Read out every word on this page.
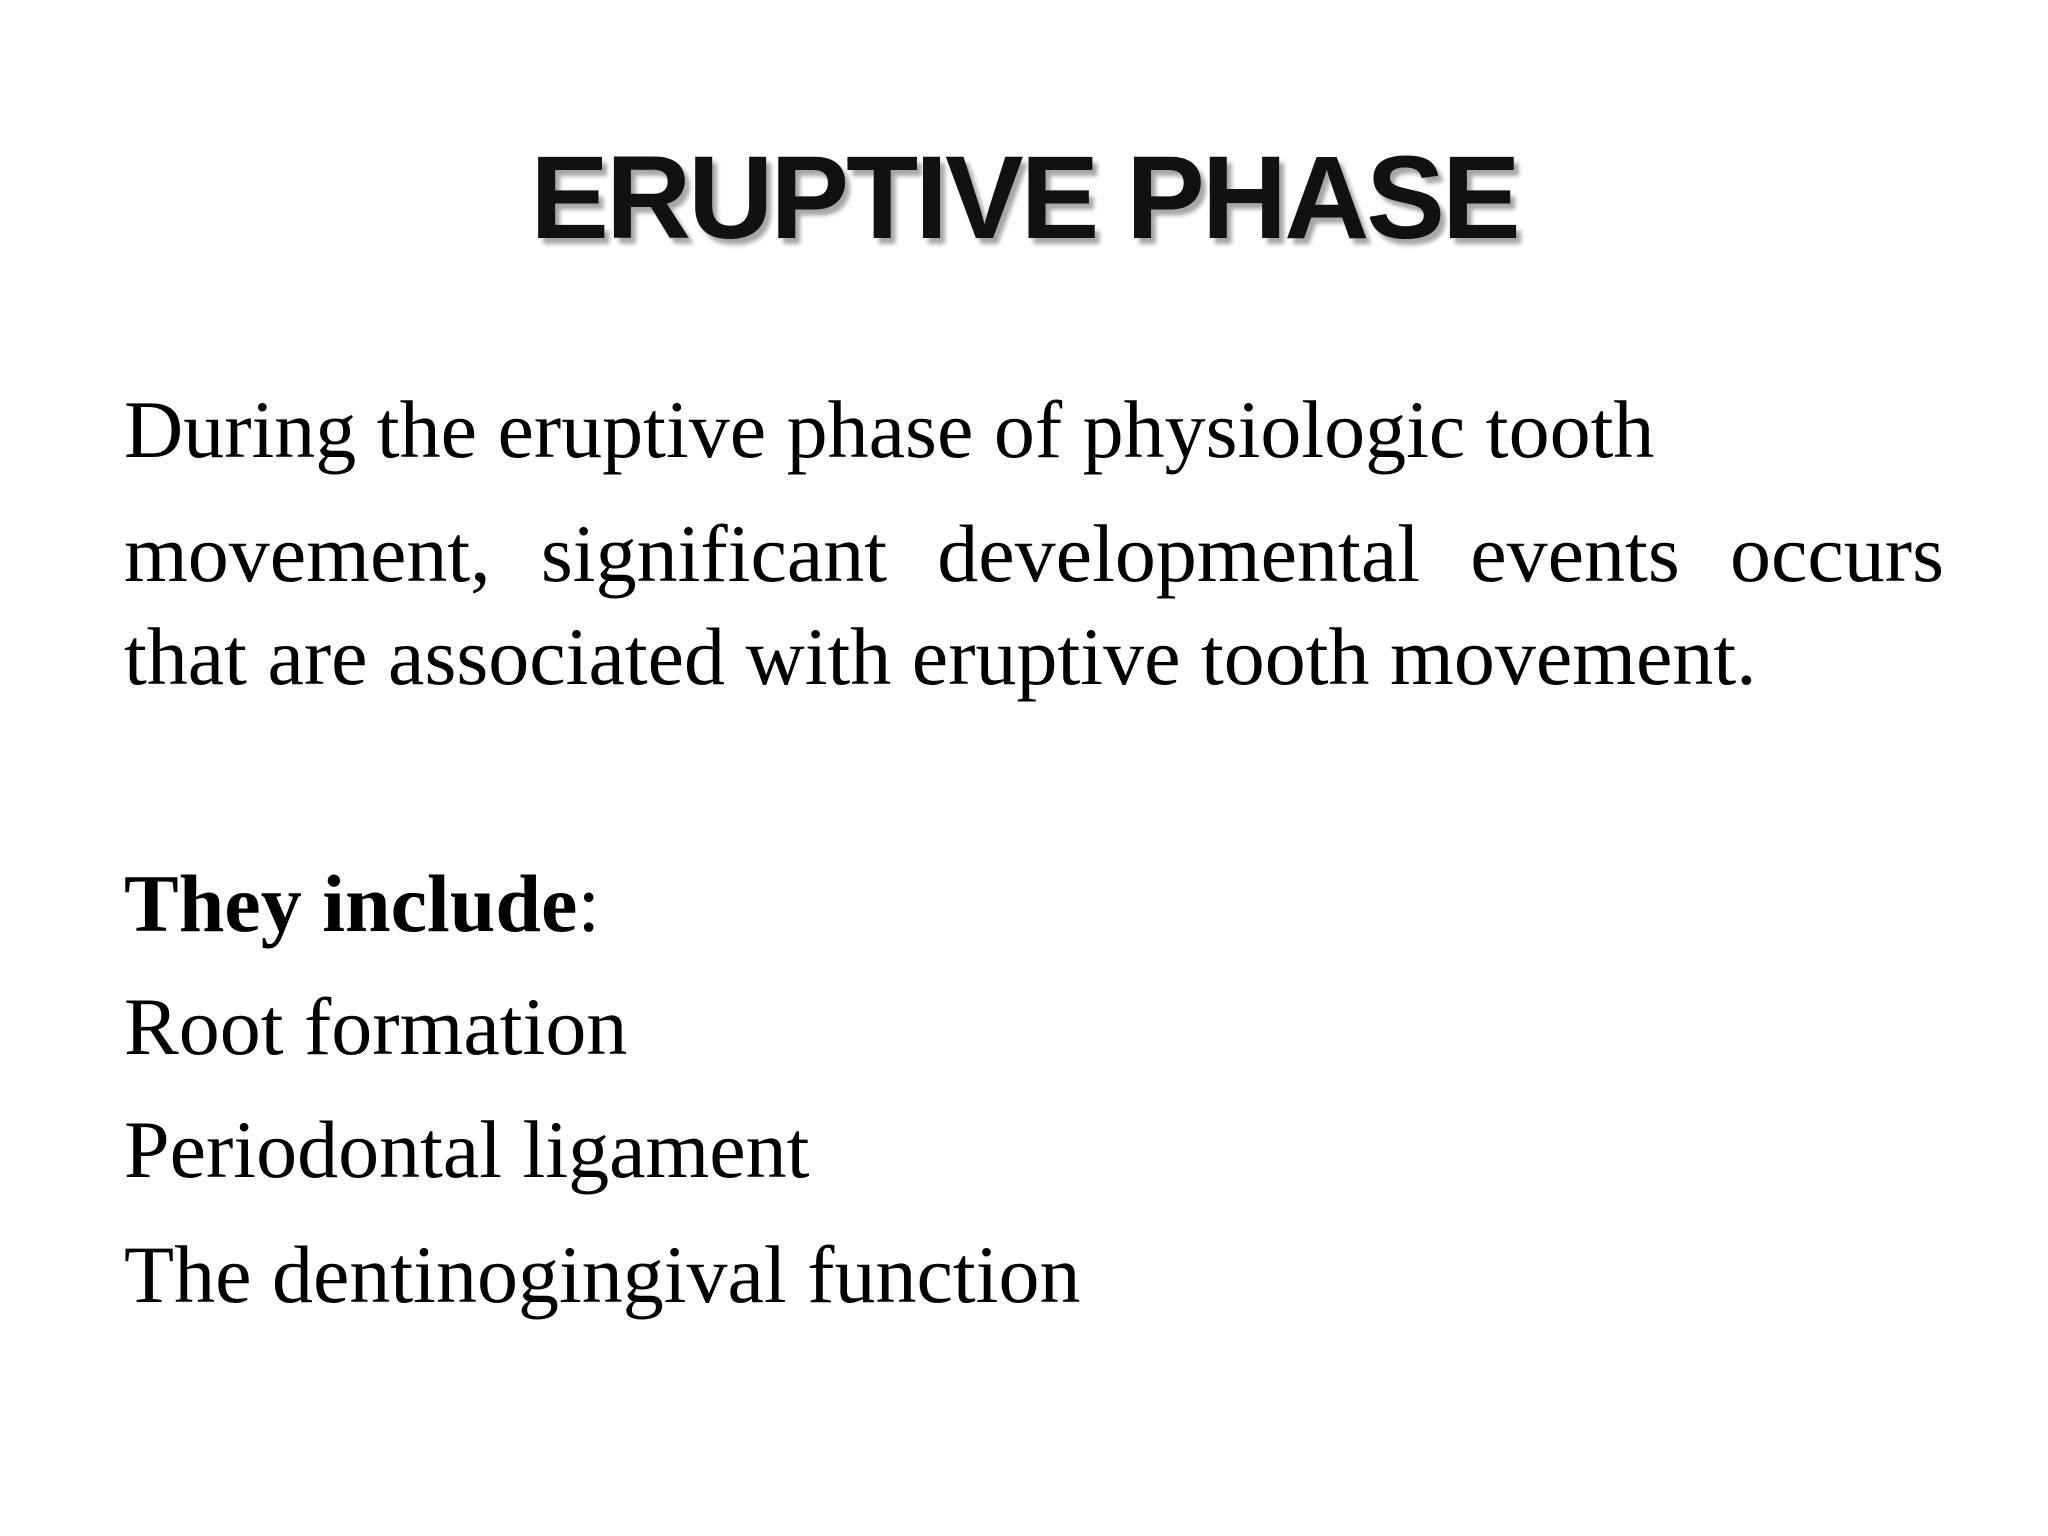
ERUPTIVE PHASE
During the eruptive phase of physiologic tooth
movement, significant developmental events occurs
that are associated with eruptive tooth movement.
They include:
Root formation
Periodontal ligament
The dentinogingival function
